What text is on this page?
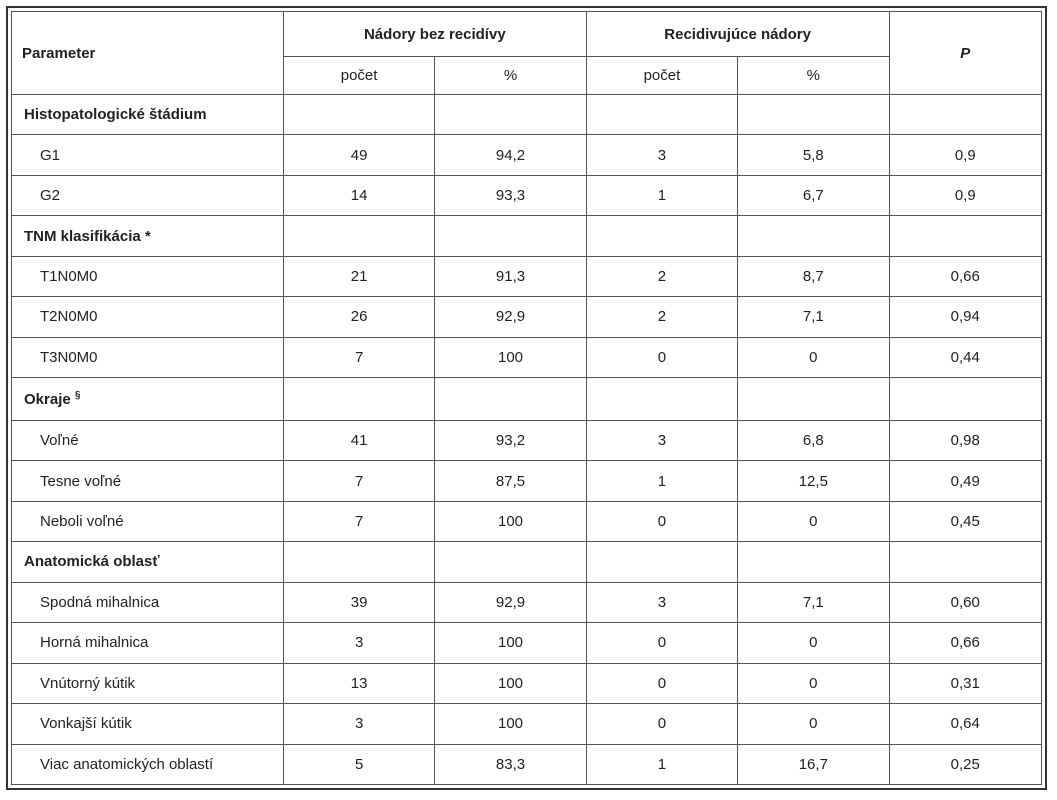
Parameter	Nádory bez recidívy		Recidivujúce nádory		P
	počet	%	počet	%	
Histopatologické štádium					
G1	49	94,2	3	5,8	0,9
G2	14	93,3	1	6,7	0,9
TNM klasifikácia *					
T1N0M0	21	91,3	2	8,7	0,66
T2N0M0	26	92,9	2	7,1	0,94
T3N0M0	7	100	0	0	0,44
Okraje §					
Voľné	41	93,2	3	6,8	0,98
Tesne voľné	7	87,5	1	12,5	0,49
Neboli voľné	7	100	0	0	0,45
Anatomická oblasť					
Spodná mihalnica	39	92,9	3	7,1	0,60
Horná mihalnica	3	100	0	0	0,66
Vnútorný kútik	13	100	0	0	0,31
Vonkajší kútik	3	100	0	0	0,64
Viac anatomických oblastí	5	83,3	1	16,7	0,25
